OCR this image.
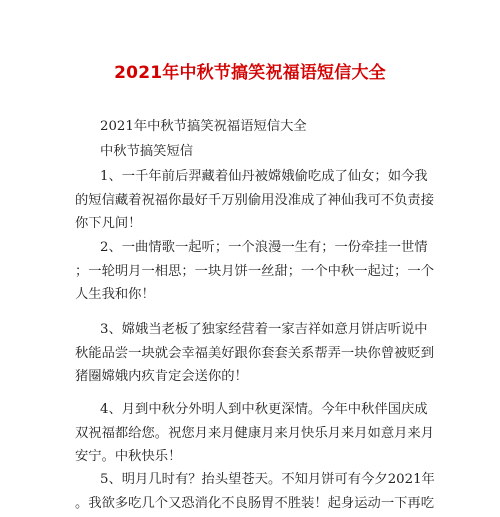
2021年中秋节搞笑祝福语短信大全
2021年中秋节搞笑祝福语短信大全
中秋节搞笑短信
1、一千年前后羿藏着仙丹被嫦娥偷吃成了仙女；如今我
的短信藏着祝福你最好千万别偷用没准成了神仙我可不负责接
你下凡间！
2、一曲情歌一起听；一个浪漫一生有；一份牵挂一世情
；一轮明月一相思；一块月饼一丝甜；一个中秋一起过；一个
人生我和你！
3、嫦娥当老板了独家经营着一家吉祥如意月饼店听说中
秋能品尝一块就会幸福美好跟你套套关系帮弄一块你曾被贬到
猪圈嫦娥内疚肯定会送你的！
4、月到中秋分外明人到中秋更深情。今年中秋伴国庆成
双祝福都给您。祝您月来月健康月来月快乐月来月如意月来月
安宁。中秋快乐！
5、明月几时有？抬头望苍天。不知月饼可有今夕2021年
。我欲多吃几个又恐消化不良肠胃不胜装！起身运动一下再吃
